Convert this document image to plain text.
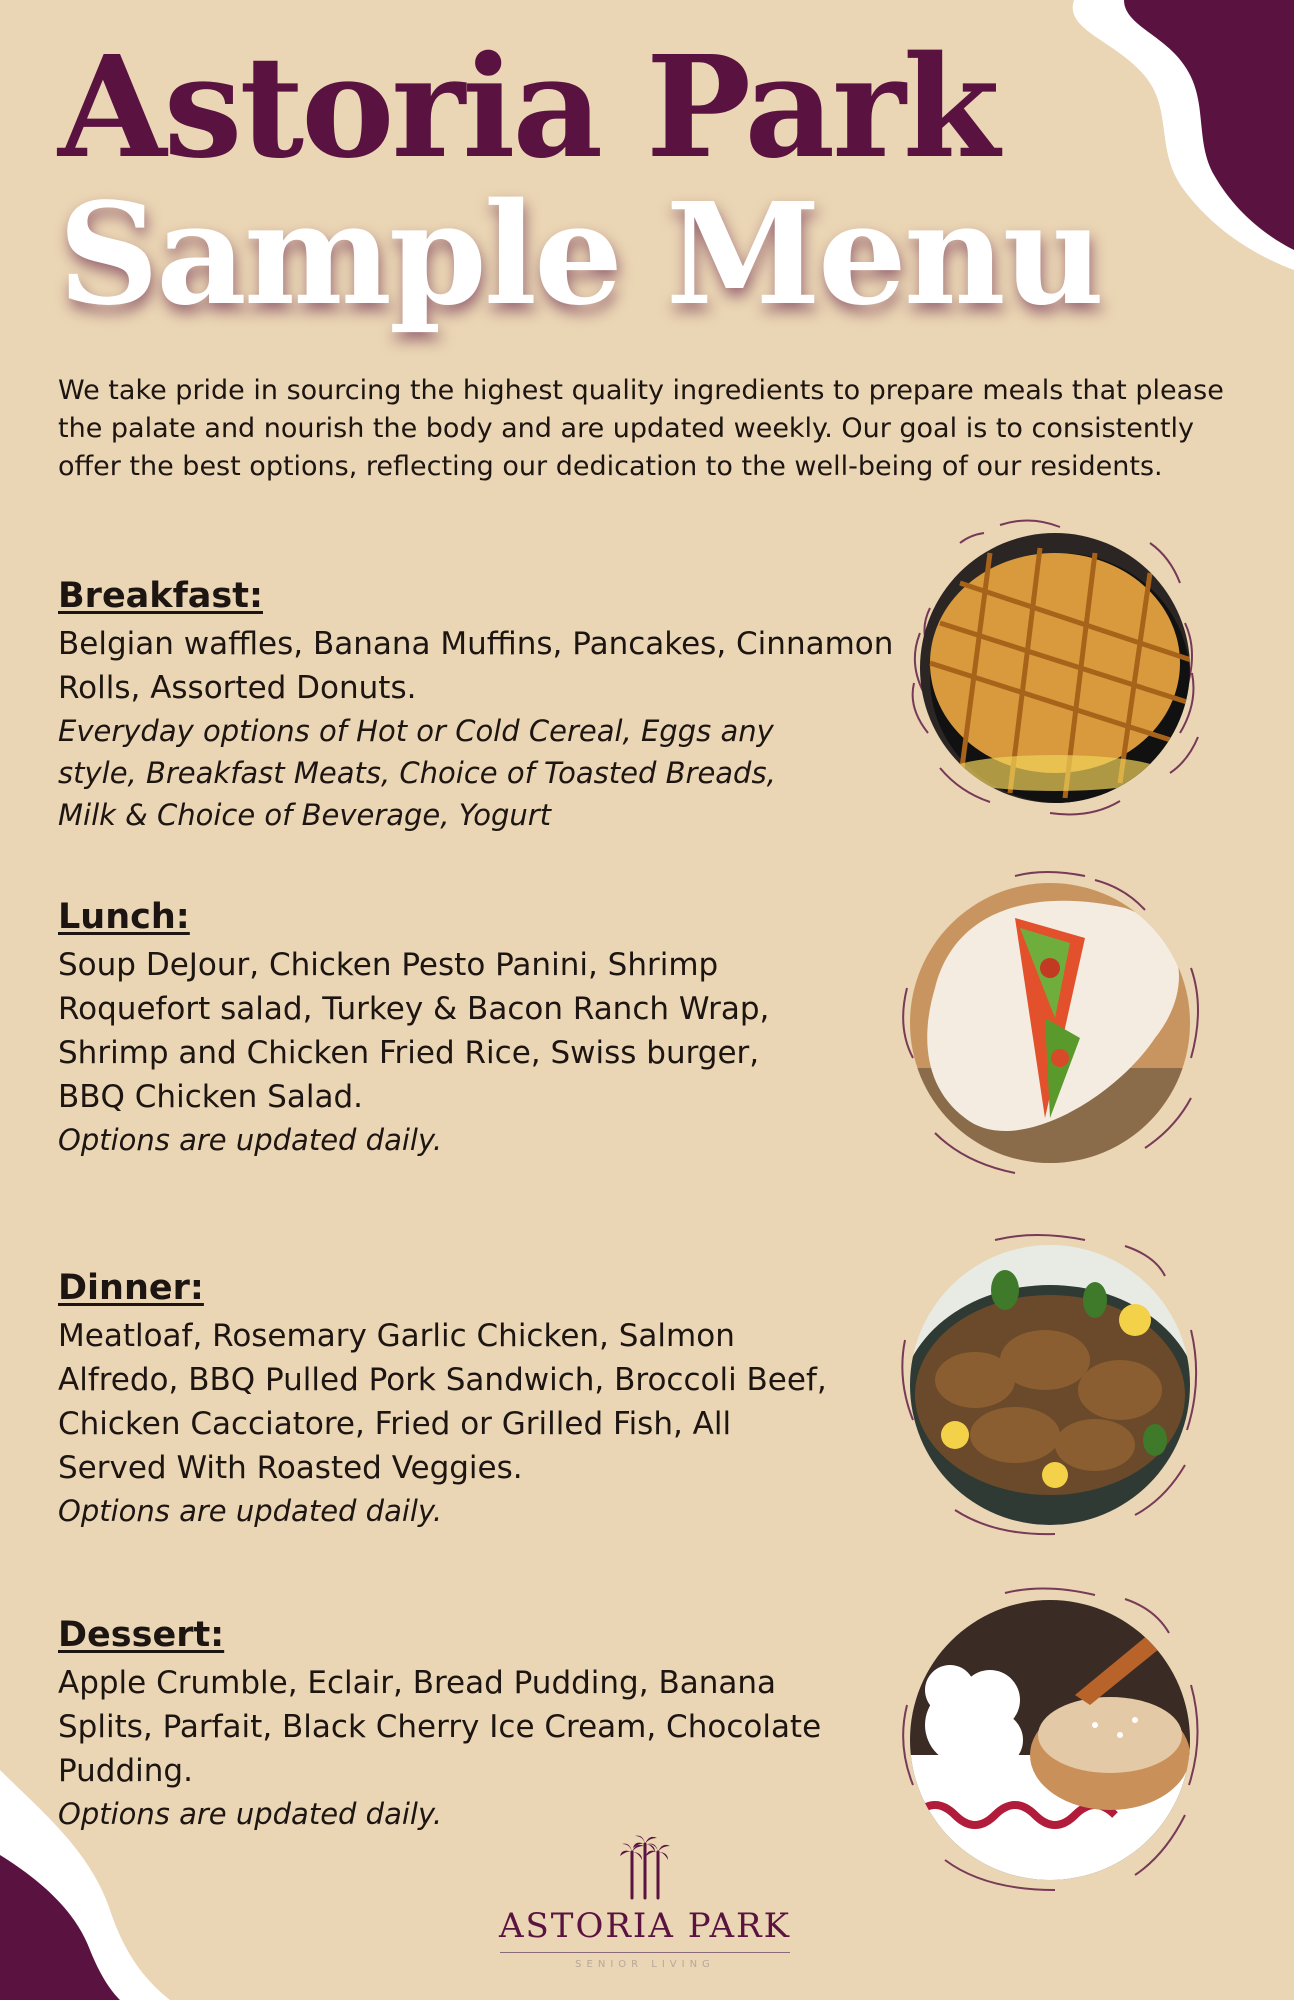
Astoria Park
Sample Menu

We take pride in sourcing the highest quality ingredients to prepare meals that please the palate and nourish the body and are updated weekly. Our goal is to consistently offer the best options, reflecting our dedication to the well-being of our residents.

Breakfast:

Belgian waffles, Banana Muffins, Pancakes, Cinnamon Rolls, Assorted Donuts.

Everyday options of Hot or Cold Cereal, Eggs any style, Breakfast Meats, Choice of Toasted Breads, Milk & Choice of Beverage, Yogurt

Lunch:

Soup DeJour, Chicken Pesto Panini, Shrimp Roquefort salad, Turkey & Bacon Ranch Wrap, Shrimp and Chicken Fried Rice, Swiss burger, BBQ Chicken Salad.

Options are updated daily.

Dinner:

Meatloaf, Rosemary Garlic Chicken, Salmon Alfredo, BBQ Pulled Pork Sandwich, Broccoli Beef, Chicken Cacciatore, Fried or Grilled Fish, All Served With Roasted Veggies.

Options are updated daily.

Dessert:

Apple Crumble, Eclair, Bread Pudding, Banana Splits, Parfait, Black Cherry Ice Cream, Chocolate Pudding.

Options are updated daily.

ASTORIA PARK
SENIOR LIVING
